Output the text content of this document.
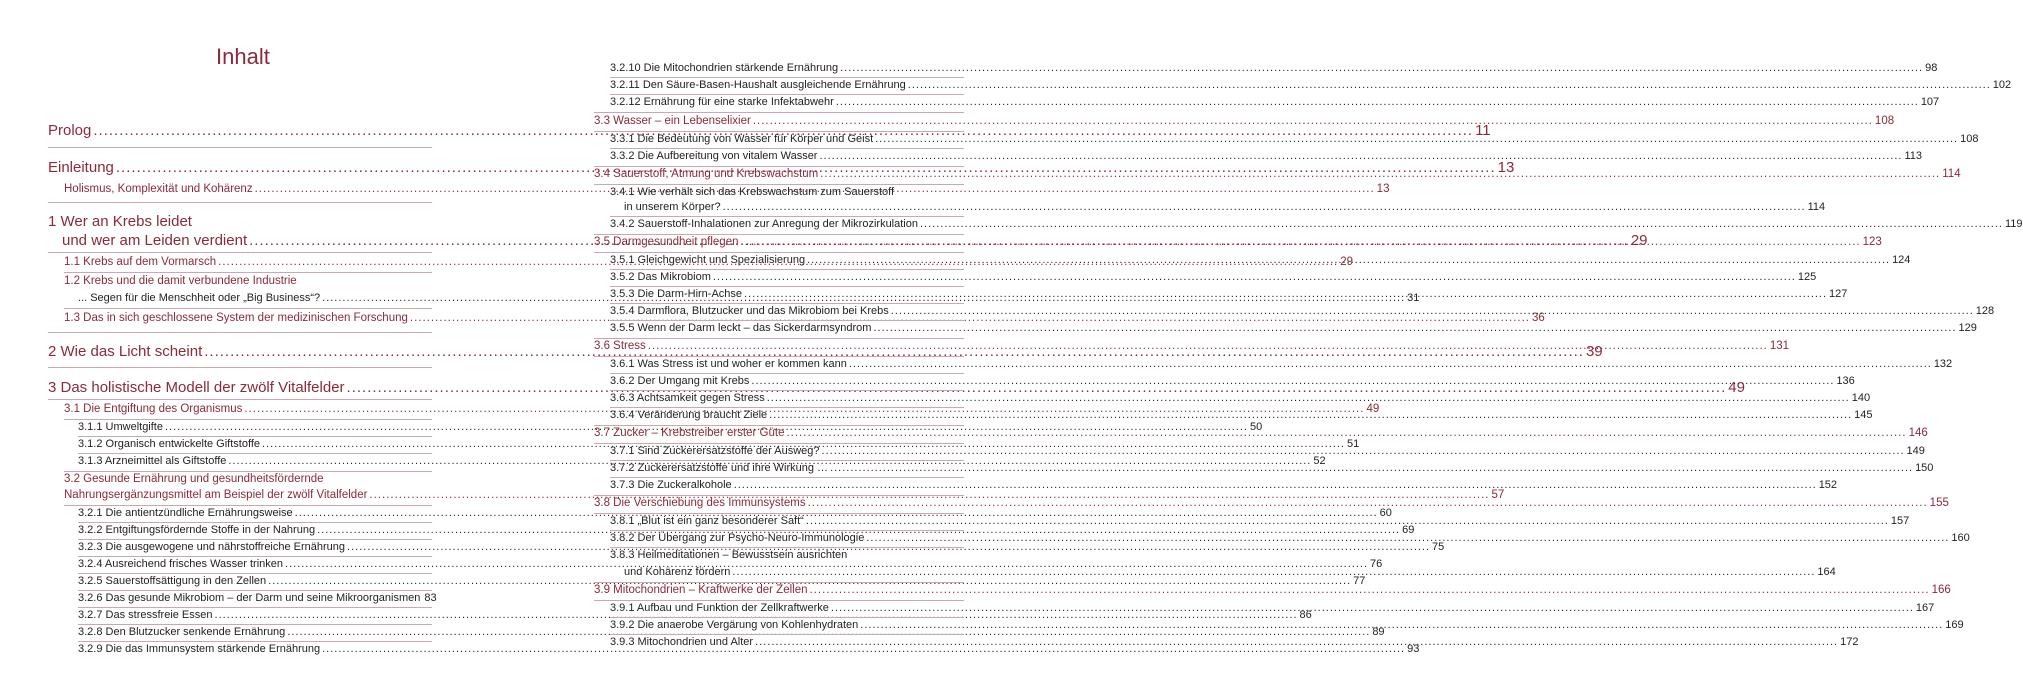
Inhalt
Prolog .....	11
Einleitung .....	13
Holismus, Komplexität und Kohärenz .....	13
1 Wer an Krebs leidet
und wer am Leiden verdient .....	29
1.1 Krebs auf dem Vormarsch .....	29
1.2 Krebs und die damit verbundene Industrie
... Segen für die Menschheit oder „Big Business“? .....	31
1.3 Das in sich geschlossene System der medizinischen Forschung .....	36
2 Wie das Licht scheint .....	39
3 Das holistische Modell der zwölf Vitalfelder .....	49
3.1 Die Entgiftung des Organismus .....	49
3.1.1 Umweltgifte .....	50
3.1.2 Organisch entwickelte Giftstoffe .....	51
3.1.3 Arzneimittel als Giftstoffe .....	52
3.2 Gesunde Ernährung und gesundheitsfördernde
Nahrungsergänzungsmittel am Beispiel der zwölf Vitalfelder .....	57
3.2.1 Die antientzündliche Ernährungsweise .....	60
3.2.2 Entgiftungsfördernde Stoffe in der Nahrung .....	69
3.2.3 Die ausgewogene und nährstoffreiche Ernährung .....	75
3.2.4 Ausreichend frisches Wasser trinken .....	76
3.2.5 Sauerstoffsättigung in den Zellen .....	77
3.2.6 Das gesunde Mikrobiom – der Darm und seine Mikroorganismen 83
3.2.7 Das stressfreie Essen .....	86
3.2.8 Den Blutzucker senkende Ernährung .....	89
3.2.9 Die das Immunsystem stärkende Ernährung .....	93
3.2.10 Die Mitochondrien stärkende Ernährung .....	98
3.2.11 Den Säure-Basen-Haushalt ausgleichende Ernährung .....	102
3.2.12 Ernährung für eine starke Infektabwehr .....	107
3.3 Wasser – ein Lebenselixier .....	108
3.3.1 Die Bedeutung von Wasser für Körper und Geist .....	108
3.3.2 Die Aufbereitung von vitalem Wasser .....	113
3.4 Sauerstoff, Atmung und Krebswachstum .....	114
3.4.1 Wie verhält sich das Krebswachstum zum Sauerstoff
in unserem Körper? .....	114
3.4.2 Sauerstoff-Inhalationen zur Anregung der Mikrozirkulation .....	119
3.5 Darmgesundheit pflegen .....	123
3.5.1 Gleichgewicht und Spezialisierung .....	124
3.5.2 Das Mikrobiom .....	125
3.5.3 Die Darm-Hirn-Achse .....	127
3.5.4 Darmflora, Blutzucker und das Mikrobiom bei Krebs .....	128
3.5.5 Wenn der Darm leckt – das Sickerdarmsyndrom .....	129
3.6 Stress .....	131
3.6.1 Was Stress ist und woher er kommen kann .....	132
3.6.2 Der Umgang mit Krebs .....	136
3.6.3 Achtsamkeit gegen Stress .....	140
3.6.4 Veränderung braucht Ziele .....	145
3.7 Zucker – Krebstreiber erster Güte .....	146
3.7.1 Sind Zuckerersatzstoffe der Ausweg? .....	149
3.7.2 Zuckerersatzstoffe und ihre Wirkung … .....	150
3.7.3 Die Zuckeralkohole .....	152
3.8 Die Verschiebung des Immunsystems .....	155
3.8.1 „Blut ist ein ganz besonderer Saft“ .....	157
3.8.2 Der Übergang zur Psycho-Neuro-Immunologie .....	160
3.8.3 Heilmeditationen – Bewusstsein ausrichten
und Kohärenz fördern .....	164
3.9 Mitochondrien – Kraftwerke der Zellen .....	166
3.9.1 Aufbau und Funktion der Zellkraftwerke .....	167
3.9.2 Die anaerobe Vergärung von Kohlenhydraten .....	169
3.9.3 Mitochondrien und Alter .....	172
